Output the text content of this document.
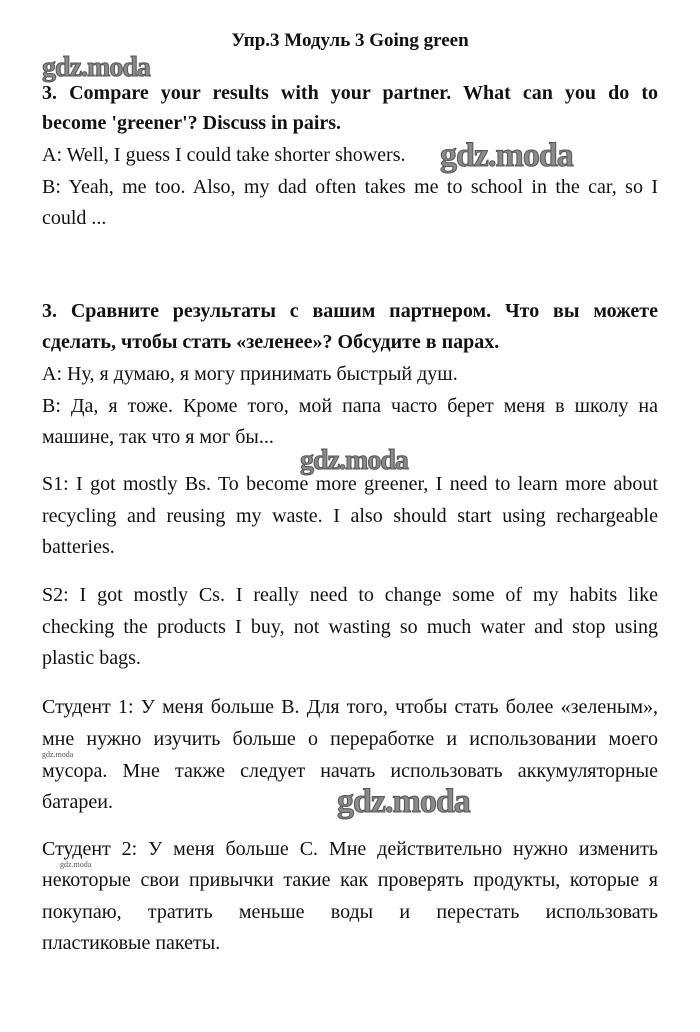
Упр.3 Модуль 3 Going green
3. Compare your results with your partner. What can you do to
become 'greener'? Discuss in pairs.
A: Well, I guess I could take shorter showers.
B: Yeah, me too. Also, my dad often takes me to school in the car, so I
could ...
3. Сравните результаты с вашим партнером. Что вы можете
сделать, чтобы стать «зеленее»? Обсудите в парах.
A: Ну, я думаю, я могу принимать быстрый душ.
B: Да, я тоже. Кроме того, мой папа часто берет меня в школу на
машине, так что я мог бы...
S1: I got mostly Bs. To become more greener, I need to learn more about
recycling and reusing my waste. I also should start using rechargeable
batteries.
S2: I got mostly Cs. I really need to change some of my habits like
checking the products I buy, not wasting so much water and stop using
plastic bags.
Студент 1: У меня больше B. Для того, чтобы стать более «зеленым»,
мне нужно изучить больше о переработке и использовании моего
мусора. Мне также следует начать использовать аккумуляторные
батареи.
Студент 2: У меня больше C. Мне действительно нужно изменить
некоторые свои привычки такие как проверять продукты, которые я
покупаю, тратить меньше воды и перестать использовать
пластиковые пакеты.
gdz.moda
gdz.moda
gdz.moda
gdz.moda
gdz.moda
gdz.moda
